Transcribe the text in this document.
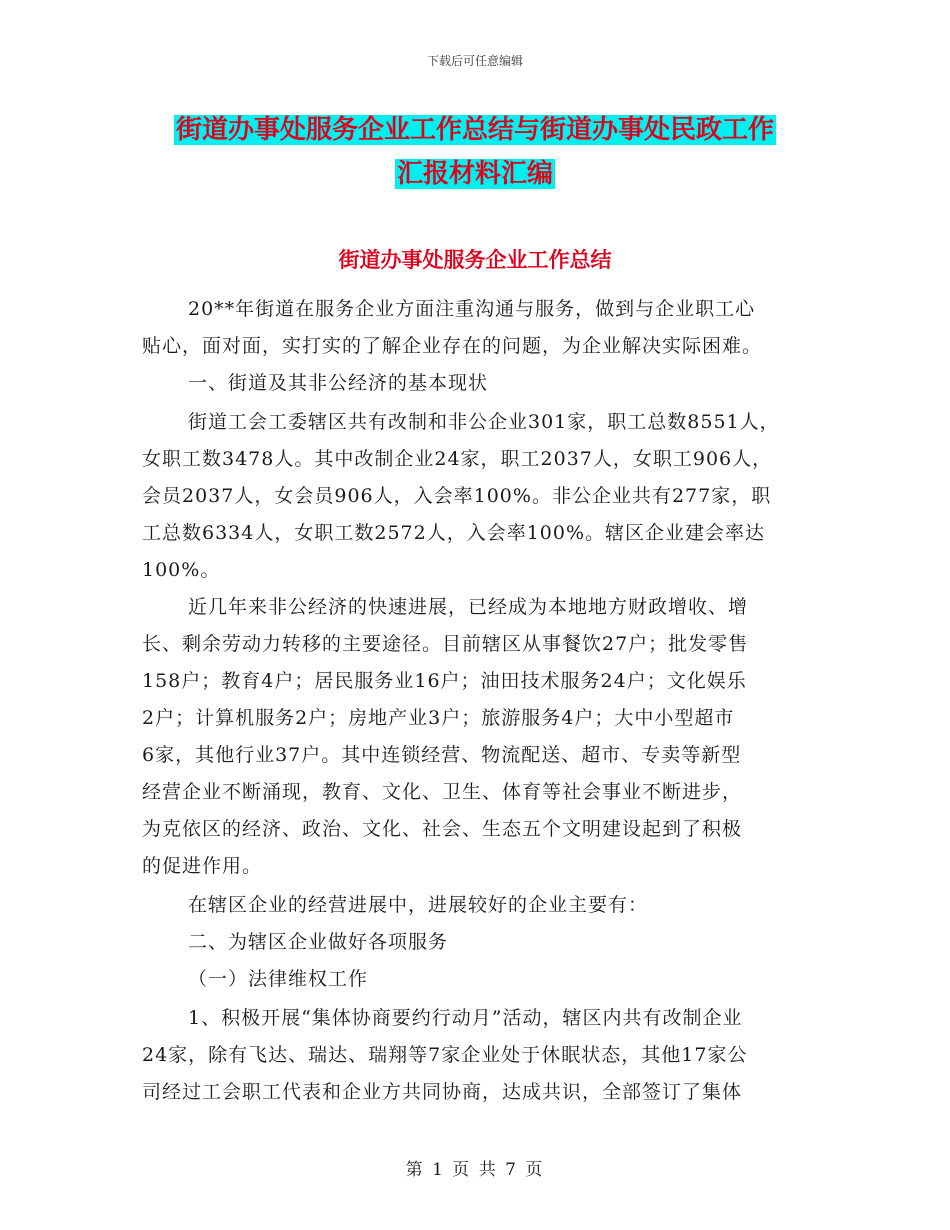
下载后可任意编辑
街道办事处服务企业工作总结与街道办事处民政工作
汇报材料汇编
街道办事处服务企业工作总结
20**年街道在服务企业方面注重沟通与服务，做到与企业职工心
贴心，面对面，实打实的了解企业存在的问题，为企业解决实际困难。
一、街道及其非公经济的基本现状
街道工会工委辖区共有改制和非公企业301家，职工总数8551人，
女职工数3478人。其中改制企业24家，职工2037人，女职工906人，
会员2037人，女会员906人，入会率100%。非公企业共有277家，职
工总数6334人，女职工数2572人，入会率100%。辖区企业建会率达
100%。
近几年来非公经济的快速进展，已经成为本地地方财政增收、增
长、剩余劳动力转移的主要途径。目前辖区从事餐饮27户；批发零售
158户；教育4户；居民服务业16户；油田技术服务24户；文化娱乐
2户；计算机服务2户；房地产业3户；旅游服务4户；大中小型超市
6家，其他行业37户。其中连锁经营、物流配送、超市、专卖等新型
经营企业不断涌现，教育、文化、卫生、体育等社会事业不断进步，
为克依区的经济、政治、文化、社会、生态五个文明建设起到了积极
的促进作用。
在辖区企业的经营进展中，进展较好的企业主要有：
二、为辖区企业做好各项服务
（一）法律维权工作
1、积极开展“集体协商要约行动月”活动，辖区内共有改制企业
24家，除有飞达、瑞达、瑞翔等7家企业处于休眠状态，其他17家公
司经过工会职工代表和企业方共同协商，达成共识，全部签订了集体
第 1 页 共 7 页
